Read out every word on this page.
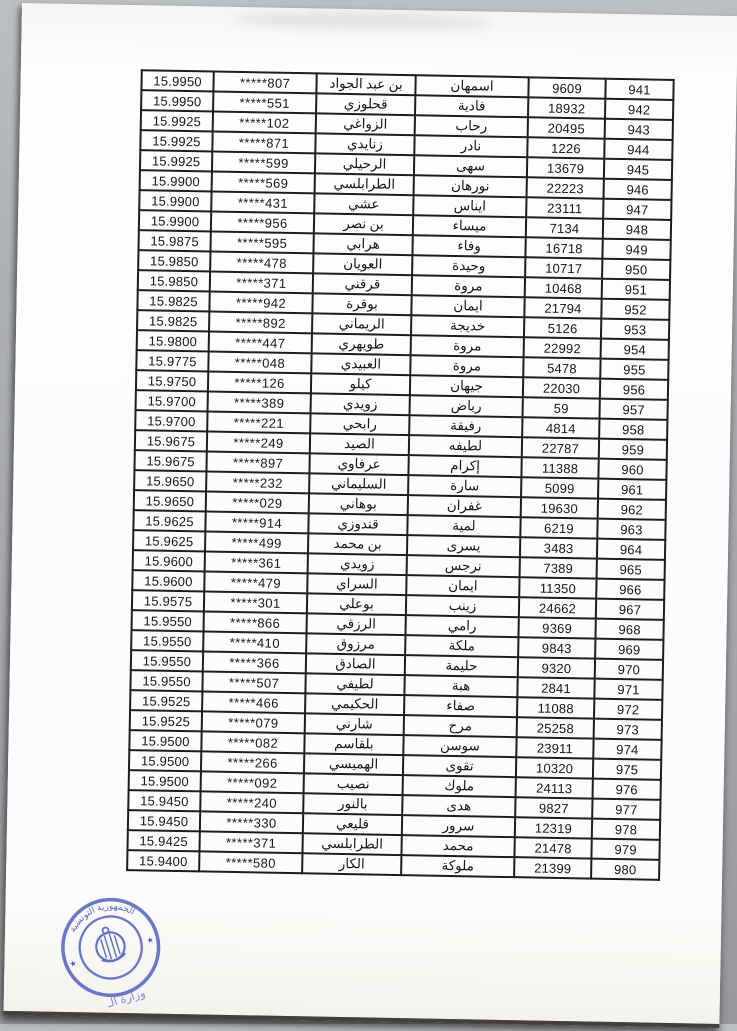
15.9950	*****807	بن عبد الجواد	اسمهان	9609	941
15.9950	*****551	قحلوزي	فادية	18932	942
15.9925	*****102	الزواغي	رحاب	20495	943
15.9925	*****871	زنايدي	نادر	1226	944
15.9925	*****599	الرحيلي	سهى	13679	945
15.9900	*****569	الطرابلسي	نورهان	22223	946
15.9900	*****431	عشي	ايناس	23111	947
15.9900	*****956	بن نصر	ميساء	7134	948
15.9875	*****595	هرابي	وفاء	16718	949
15.9850	*****478	العويان	وحيدة	10717	950
15.9850	*****371	قرقني	مروة	10468	951
15.9825	*****942	بوقرة	ايمان	21794	952
15.9825	*****892	الريماني	خديجة	5126	953
15.9800	*****447	طويهري	مروة	22992	954
15.9775	*****048	العبيدي	مروة	5478	955
15.9750	*****126	كيلو	جيهان	22030	956
15.9700	*****389	زويدي	رياض	59	957
15.9700	*****221	رابحي	رفيقة	4814	958
15.9675	*****249	الصيد	لطيفه	22787	959
15.9675	*****897	عرفاوي	إكرام	11388	960
15.9650	*****232	السليماني	سارة	5099	961
15.9650	*****029	بوهاني	غفران	19630	962
15.9625	*****914	قندوزي	لمية	6219	963
15.9625	*****499	بن محمد	يسرى	3483	964
15.9600	*****361	زويدي	نرجس	7389	965
15.9600	*****479	السراي	ايمان	11350	966
15.9575	*****301	بوعلي	زينب	24662	967
15.9550	*****866	الرزقي	رامي	9369	968
15.9550	*****410	مرزوق	ملكة	9843	969
15.9550	*****366	الصادق	حليمة	9320	970
15.9550	*****507	لطيفي	هبة	2841	971
15.9525	*****466	الحكيمي	صفاء	11088	972
15.9525	*****079	شارني	مرح	25258	973
15.9500	*****082	بلقاسم	سوسن	23911	974
15.9500	*****266	الهميسي	تقوى	10320	975
15.9500	*****092	نصيب	ملوك	24113	976
15.9450	*****240	بالنور	هدى	9827	977
15.9450	*****330	قليعي	سرور	12319	978
15.9425	*****371	الطرابلسي	محمد	21478	979
15.9400	*****580	الكار	ملوكة	21399	980
★
★
الجمهورية التونسية
وزارة الـ
